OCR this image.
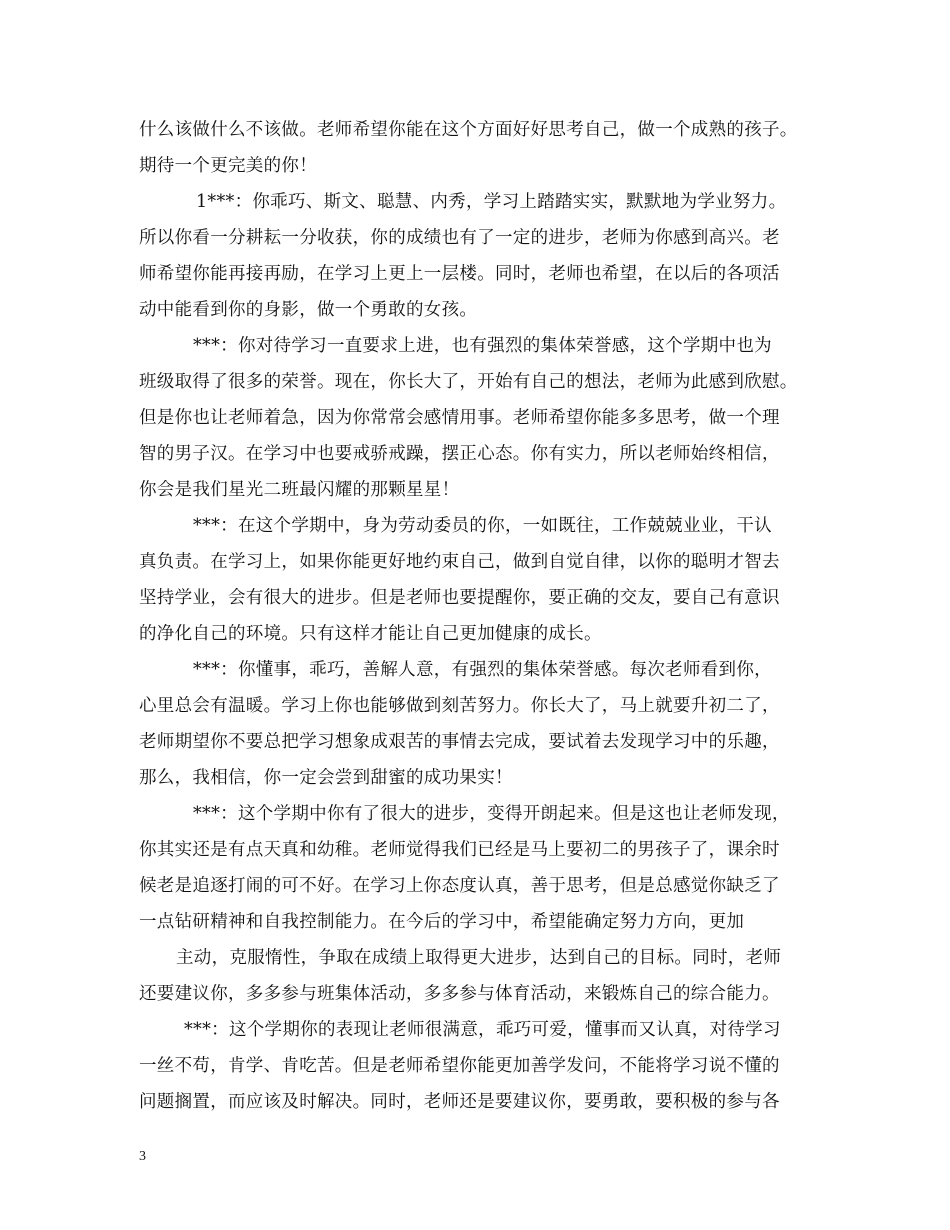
什么该做什么不该做。老师希望你能在这个方面好好思考自己，做一个成熟的孩子。
期待一个更完美的你！
1***：你乖巧、斯文、聪慧、内秀，学习上踏踏实实，默默地为学业努力。
所以你看一分耕耘一分收获，你的成绩也有了一定的进步，老师为你感到高兴。老
师希望你能再接再励，在学习上更上一层楼。同时，老师也希望，在以后的各项活
动中能看到你的身影，做一个勇敢的女孩。
***：你对待学习一直要求上进，也有强烈的集体荣誉感，这个学期中也为
班级取得了很多的荣誉。现在，你长大了，开始有自己的想法，老师为此感到欣慰。
但是你也让老师着急，因为你常常会感情用事。老师希望你能多多思考，做一个理
智的男子汉。在学习中也要戒骄戒躁，摆正心态。你有实力，所以老师始终相信，
你会是我们星光二班最闪耀的那颗星星！
***：在这个学期中，身为劳动委员的你，一如既往，工作兢兢业业，干认
真负责。在学习上，如果你能更好地约束自己，做到自觉自律，以你的聪明才智去
坚持学业，会有很大的进步。但是老师也要提醒你，要正确的交友，要自己有意识
的净化自己的环境。只有这样才能让自己更加健康的成长。
***：你懂事，乖巧，善解人意，有强烈的集体荣誉感。每次老师看到你，
心里总会有温暖。学习上你也能够做到刻苦努力。你长大了，马上就要升初二了，
老师期望你不要总把学习想象成艰苦的事情去完成，要试着去发现学习中的乐趣，
那么，我相信，你一定会尝到甜蜜的成功果实！
***：这个学期中你有了很大的进步，变得开朗起来。但是这也让老师发现，
你其实还是有点天真和幼稚。老师觉得我们已经是马上要初二的男孩子了，课余时
候老是追逐打闹的可不好。在学习上你态度认真，善于思考，但是总感觉你缺乏了
一点钻研精神和自我控制能力。在今后的学习中，希望能确定努力方向，更加
主动，克服惰性，争取在成绩上取得更大进步，达到自己的目标。同时，老师
还要建议你，多多参与班集体活动，多多参与体育活动，来锻炼自己的综合能力。
***：这个学期你的表现让老师很满意，乖巧可爱，懂事而又认真，对待学习
一丝不苟，肯学、肯吃苦。但是老师希望你能更加善学发问，不能将学习说不懂的
问题搁置，而应该及时解决。同时，老师还是要建议你，要勇敢，要积极的参与各
3
